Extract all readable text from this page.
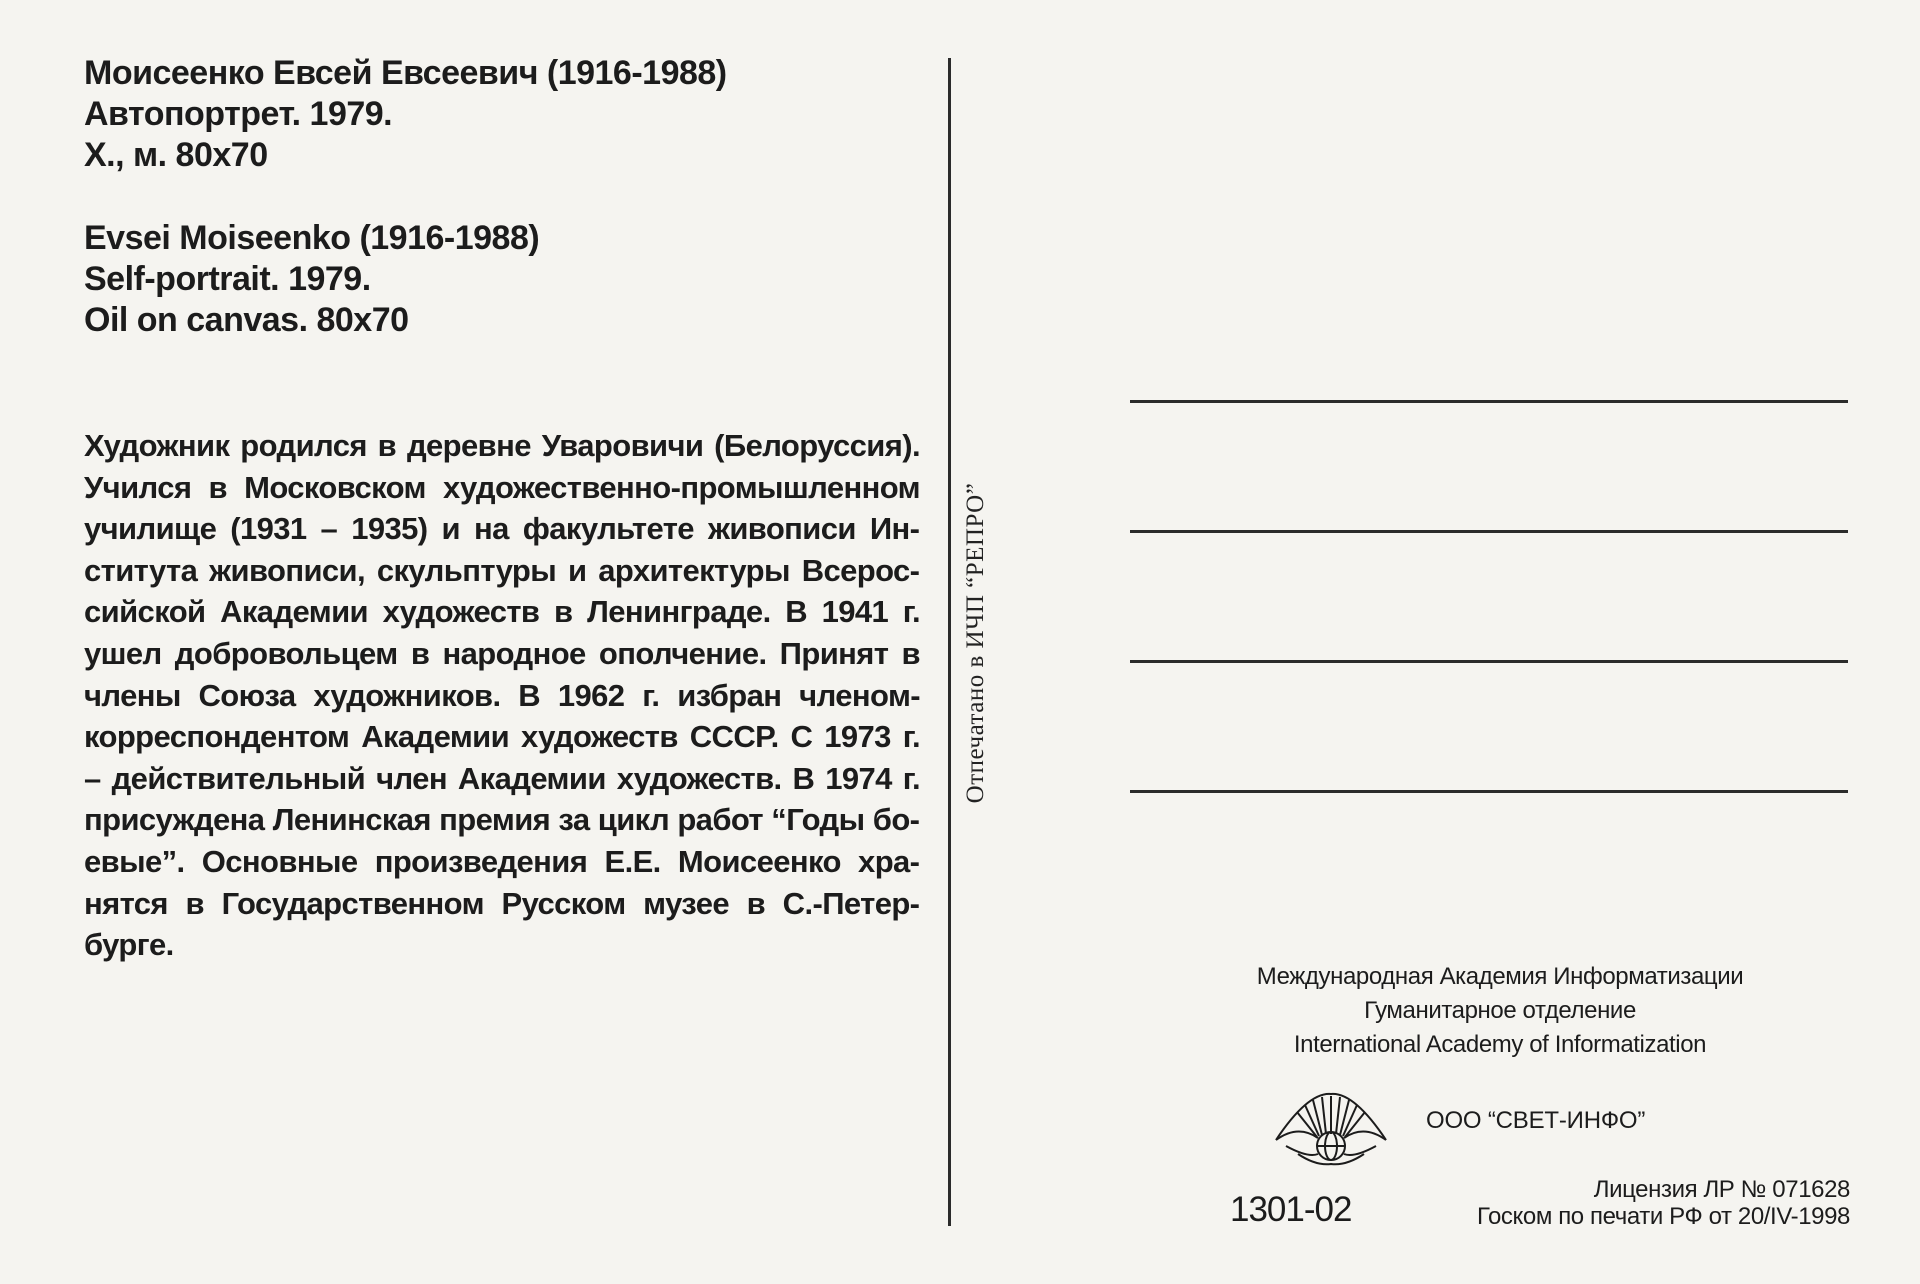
Моисеенко Евсей Евсеевич (1916-1988)
Автопортрет. 1979.
Х., м. 80х70
Evsei Moiseenko (1916-1988)
Self-portrait. 1979.
Oil on canvas. 80x70
Художник родился в деревне Уваровичи (Белоруссия). Учился в Московском художественно-промышленном училище (1931 – 1935) и на факультете живописи Института живописи, скульптуры и архитектуры Всероссийской Академии художеств в Ленинграде. В 1941 г. ушел добровольцем в народное ополчение. Принят в члены Союза художников. В 1962 г. избран членом-корреспондентом Академии художеств СССР. С 1973 г. – действительный член Академии художеств. В 1974 г. присуждена Ленинская премия за цикл работ “Годы боевые”. Основные произведения Е.Е. Моисеенко хранятся в Государственном Русском музее в С.-Петербурге.
Отпечатано в ИЧП “РЕПРО”
Международная Академия Информатизации
Гуманитарное отделение
International Academy of Informatization
ООО “СВЕТ-ИНФО”
1301-02
Лицензия ЛР № 071628
Госком по печати РФ от 20/IV-1998
